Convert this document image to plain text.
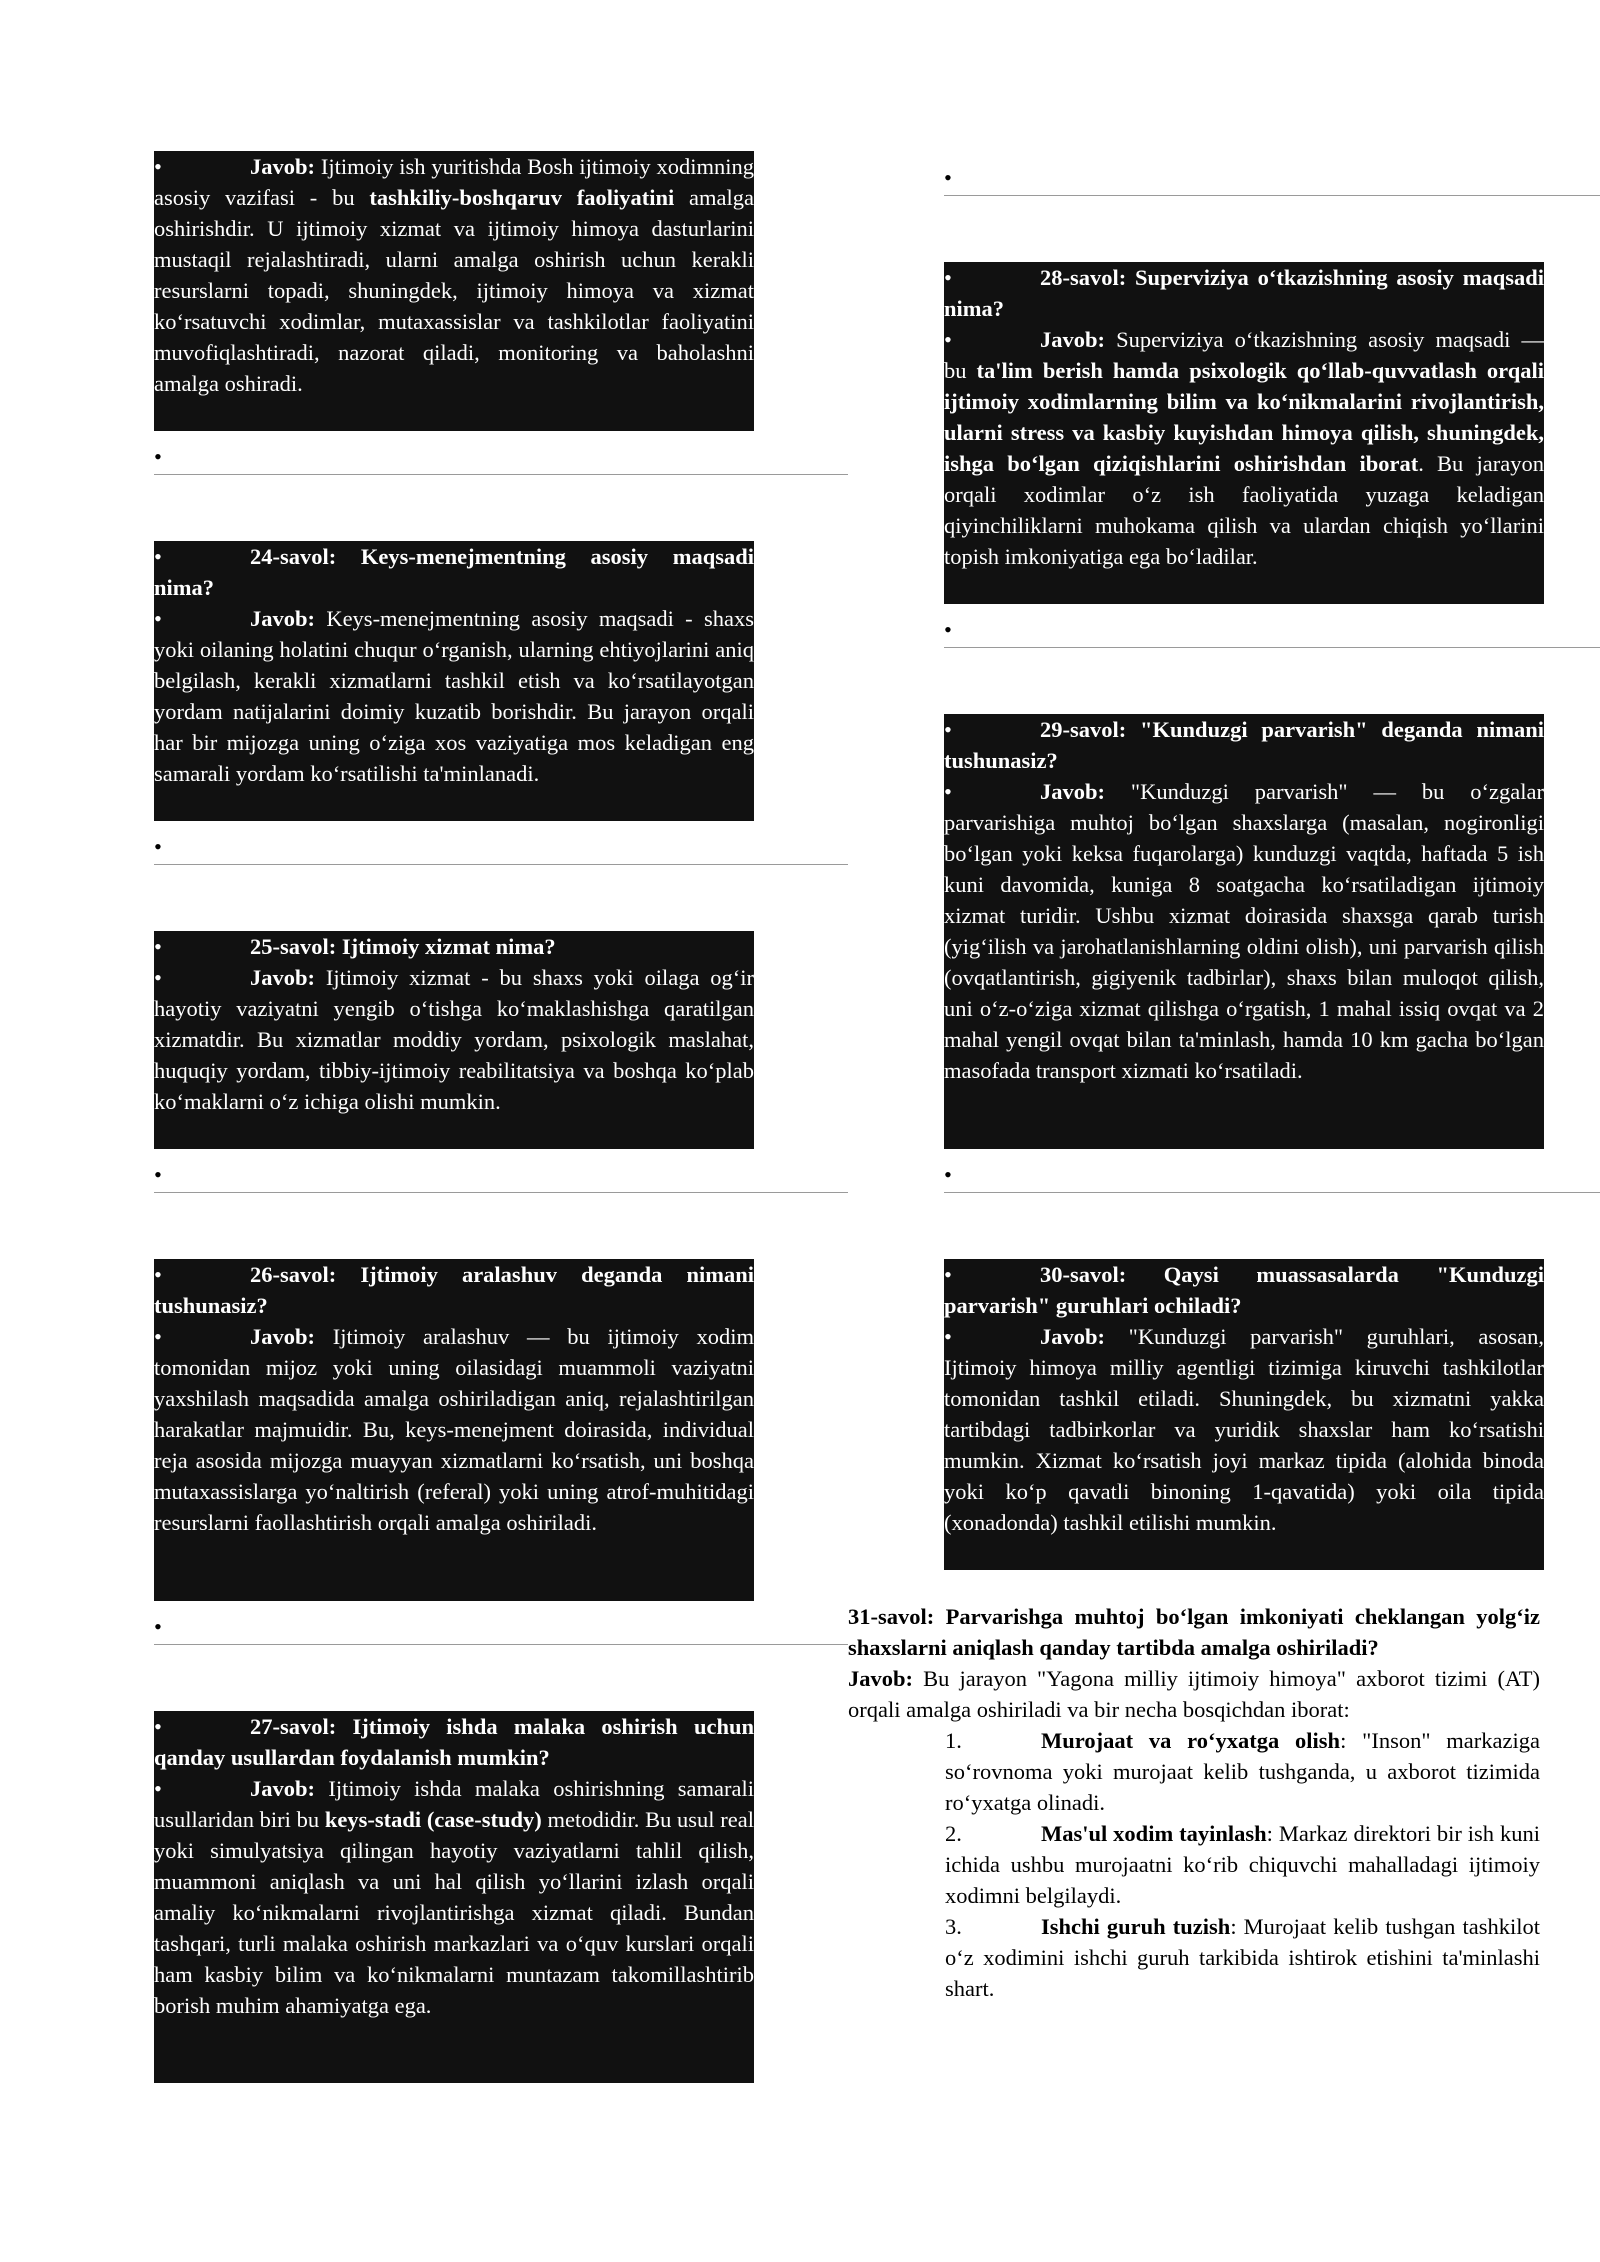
•	Javob: Ijtimoiy ish yuritishda Bosh ijtimoiy xodimning asosiy vazifasi - bu tashkiliy-boshqaruv faoliyatini amalga oshirishdir. U ijtimoiy xizmat va ijtimoiy himoya dasturlarini mustaqil rejalashtiradi, ularni amalga oshirish uchun kerakli resurslarni topadi, shuningdek, ijtimoiy himoya va xizmat ko‘rsatuvchi xodimlar, mutaxassislar va tashkilotlar faoliyatini muvofiqlashtiradi, nazorat qiladi, monitoring va baholashni amalga oshiradi.

•

•	24-savol: Keys-menejmentning asosiy maqsadi nima?

•	Javob: Keys-menejmentning asosiy maqsadi - shaxs yoki oilaning holatini chuqur o‘rganish, ularning ehtiyojlarini aniq belgilash, kerakli xizmatlarni tashkil etish va ko‘rsatilayotgan yordam natijalarini doimiy kuzatib borishdir. Bu jarayon orqali har bir mijozga uning o‘ziga xos vaziyatiga mos keladigan eng samarali yordam ko‘rsatilishi ta'minlanadi.

•

•	25-savol: Ijtimoiy xizmat nima?

•	Javob: Ijtimoiy xizmat - bu shaxs yoki oilaga og‘ir hayotiy vaziyatni yengib o‘tishga ko‘maklashishga qaratilgan xizmatdir. Bu xizmatlar moddiy yordam, psixologik maslahat, huquqiy yordam, tibbiy-ijtimoiy reabilitatsiya va boshqa ko‘plab ko‘maklarni o‘z ichiga olishi mumkin.

•

•	26-savol: Ijtimoiy aralashuv deganda nimani tushunasiz?

•	Javob: Ijtimoiy aralashuv — bu ijtimoiy xodim tomonidan mijoz yoki uning oilasidagi muammoli vaziyatni yaxshilash maqsadida amalga oshiriladigan aniq, rejalashtirilgan harakatlar majmuidir. Bu, keys-menejment doirasida, individual reja asosida mijozga muayyan xizmatlarni ko‘rsatish, uni boshqa mutaxassislarga yo‘naltirish (referal) yoki uning atrof-muhitidagi resurslarni faollashtirish orqali amalga oshiriladi.

•

•	27-savol: Ijtimoiy ishda malaka oshirish uchun qanday usullardan foydalanish mumkin?

•	Javob: Ijtimoiy ishda malaka oshirishning samarali usullaridan biri bu keys-stadi (case-study) metodidir. Bu usul real yoki simulyatsiya qilingan hayotiy vaziyatlarni tahlil qilish, muammoni aniqlash va uni hal qilish yo‘llarini izlash orqali amaliy ko‘nikmalarni rivojlantirishga xizmat qiladi. Bundan tashqari, turli malaka oshirish markazlari va o‘quv kurslari orqali ham kasbiy bilim va ko‘nikmalarni muntazam takomillashtirib borish muhim ahamiyatga ega.

•

•	28-savol: Superviziya o‘tkazishning asosiy maqsadi nima?

•	Javob: Superviziya o‘tkazishning asosiy maqsadi — bu ta'lim berish hamda psixologik qo‘llab-quvvatlash orqali ijtimoiy xodimlarning bilim va ko‘nikmalarini rivojlantirish, ularni stress va kasbiy kuyishdan himoya qilish, shuningdek, ishga bo‘lgan qiziqishlarini oshirishdan iborat. Bu jarayon orqali xodimlar o‘z ish faoliyatida yuzaga keladigan qiyinchiliklarni muhokama qilish va ulardan chiqish yo‘llarini topish imkoniyatiga ega bo‘ladilar.

•

•	29-savol: "Kunduzgi parvarish" deganda nimani tushunasiz?

•	Javob: "Kunduzgi parvarish" — bu o‘zgalar parvarishiga muhtoj bo‘lgan shaxslarga (masalan, nogironligi bo‘lgan yoki keksa fuqarolarga) kunduzgi vaqtda, haftada 5 ish kuni davomida, kuniga 8 soatgacha ko‘rsatiladigan ijtimoiy xizmat turidir. Ushbu xizmat doirasida shaxsga qarab turish (yig‘ilish va jarohatlanishlarning oldini olish), uni parvarish qilish (ovqatlantirish, gigiyenik tadbirlar), shaxs bilan muloqot qilish, uni o‘z-o‘ziga xizmat qilishga o‘rgatish, 1 mahal issiq ovqat va 2 mahal yengil ovqat bilan ta'minlash, hamda 10 km gacha bo‘lgan masofada transport xizmati ko‘rsatiladi.

•

•	30-savol: Qaysi muassasalarda "Kunduzgi parvarish" guruhlari ochiladi?

•	Javob: "Kunduzgi parvarish" guruhlari, asosan, Ijtimoiy himoya milliy agentligi tizimiga kiruvchi tashkilotlar tomonidan tashkil etiladi. Shuningdek, bu xizmatni yakka tartibdagi tadbirkorlar va yuridik shaxslar ham ko‘rsatishi mumkin. Xizmat ko‘rsatish joyi markaz tipida (alohida binoda yoki ko‘p qavatli binoning 1-qavatida) yoki oila tipida (xonadonda) tashkil etilishi mumkin.

31-savol: Parvarishga muhtoj bo‘lgan imkoniyati cheklangan yolg‘iz shaxslarni aniqlash qanday tartibda amalga oshiriladi?

Javob: Bu jarayon "Yagona milliy ijtimoiy himoya" axborot tizimi (AT) orqali amalga oshiriladi va bir necha bosqichdan iborat:

1.	Murojaat va ro‘yxatga olish: "Inson" markaziga so‘rovnoma yoki murojaat kelib tushganda, u axborot tizimida ro‘yxatga olinadi.
2.	Mas'ul xodim tayinlash: Markaz direktori bir ish kuni ichida ushbu murojaatni ko‘rib chiquvchi mahalladagi ijtimoiy xodimni belgilaydi.
3.	Ishchi guruh tuzish: Murojaat kelib tushgan tashkilot o‘z xodimini ishchi guruh tarkibida ishtirok etishini ta'minlashi shart.
